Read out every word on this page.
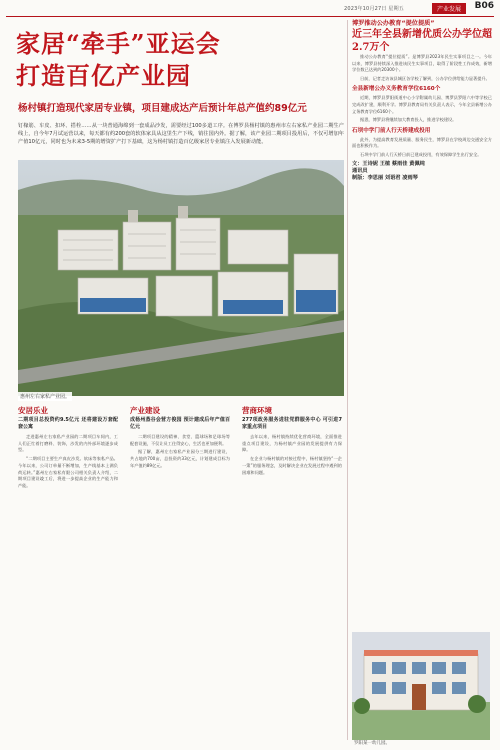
2023年10月27日 星期五	产业发展	B06
家居“牵手”亚运会
打造百亿产业园
杨村镇打造现代家居专业镇，项目建成达产后预计年总产值约89亿元
钉椽筋、车皮、扣环、搭栓……从一块普通海绵到一套成品沙发，需要经过100多道工序。在博罗县杨村镇的惠州市左右家私产业园二期生产线上，自今年7月试运营以来，每天都有约200套的软体家具从这里生产下线，销往国内外。据了解，该产业园二期项目投用后，不仅可增加年产值10亿元，同时也为未来3-5期的增资扩产打下基础，这为杨村镇打造百亿级家居专业镇注入发展新动能。
惠州左右家私产业园。
安居乐业
二期项目总投资约9.5亿元 还将建设万套配套公寓

走进惠州左右家私产业园的二期项目车间内，工人们正忙着打磨料、装饰，沙发的内外部环境逐步成型。

“二期项目主要生产真皮沙发。软床等家私产品。今年以来，公司订单量不断增加，生产线基本上满负荷运转。”惠州左右家私有限公司相关负责人介绍，二期项目建设竣工后，将进一步提高企业的生产能力和产能。

产业建设
成杨州蒸谷会营方俊园 预计建成后年产值百亿元

二期项目建设的精神、食堂、篮球场和足球场等配套设施，不仅让员工住得安心，生活也更加便利。

据了解，惠州左右家私产业园分三期进行建设，共占地约700亩，总投资约33亿元，计划建成目标为年产值约89亿元。

营商环境
277项政务服务进驻党群服务中心 可引进7家重点项目

去年以来，杨村镇持续优化营商环境，全面推进重点项目建设，为杨村镇产业园的发展提供有力保障。

在企业与杨村镇的对接过程中，杨村镇坚持“一企一策”的服务理念，及时解决企业在发展过程中遇到的困难和问题。

博罗推动公办教育“提位提质”
近三年全县新增优质公办学位超2.7万个

推动公办教育“提位提质”。是博罗县2023年民生实事项目之一。今年以来，博罗县持续深入推进该民生实事项目，取得了阶段性工作成效，新增学位数已达到约20300个。

日前，记者走访该县城区各学校了解到，公办学位供给能力显著提升。

全县新增公办义务教育学位6160个

近期，博罗县罗阳街道中心小学附属幼儿园、博罗县罗阳六中等学校已完成改扩建，顺利开学。博罗县教育局有关负责人表示，今年全县新增公办义务教育学位6160个。

据悉，博罗县将继续加大教育投入，推进学校建设。

石坝中学门前人行天桥建成投用

此外，为提高教育发展质量、服务民生，博罗县在学校周边交通安全方面也积极作为。

石坝中学门前人行天桥日前已建成投用，有效保障学生出行安全。

文：王诗妮 王植 蔡雨佳 黄佩纯
通讯员
制版：李思丽 刘语君 凌雨琴
罗阳某一幼儿园。
